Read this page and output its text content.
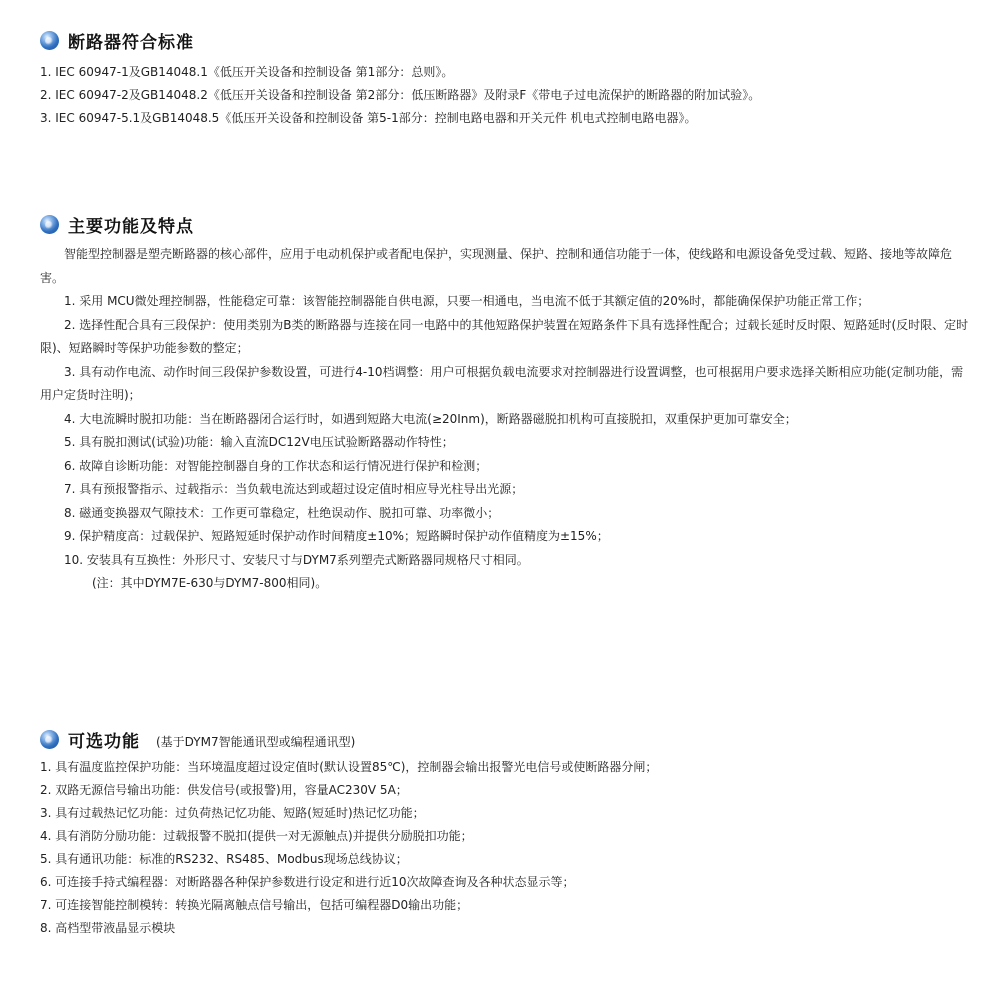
断路器符合标准
1. IEC 60947-1及GB14048.1《低压开关设备和控制设备 第1部分：总则》。
2. IEC 60947-2及GB14048.2《低压开关设备和控制设备 第2部分：低压断路器》及附录F《带电子过电流保护的断路器的附加试验》。
3. IEC 60947-5.1及GB14048.5《低压开关设备和控制设备 第5-1部分：控制电路电器和开关元件 机电式控制电路电器》。
主要功能及特点
智能型控制器是塑壳断路器的核心部件，应用于电动机保护或者配电保护，实现测量、保护、控制和通信功能于一体，使线路和电源设备免受过载、短路、接地等故障危害。
1. 采用 MCU微处理控制器，性能稳定可靠：该智能控制器能自供电源，只要一相通电，当电流不低于其额定值的20%时，都能确保保护功能正常工作；
2. 选择性配合具有三段保护：使用类别为B类的断路器与连接在同一电路中的其他短路保护装置在短路条件下具有选择性配合；过载长延时反时限、短路延时(反时限、定时限)、短路瞬时等保护功能参数的整定；
3. 具有动作电流、动作时间三段保护参数设置，可进行4-10档调整：用户可根据负载电流要求对控制器进行设置调整，也可根据用户要求选择关断相应功能(定制功能，需用户定货时注明)；
4. 大电流瞬时脱扣功能：当在断路器闭合运行时，如遇到短路大电流(≥20Inm)，断路器磁脱扣机构可直接脱扣，双重保护更加可靠安全；
5. 具有脱扣测试(试验)功能：输入直流DC12V电压试验断路器动作特性；
6. 故障自诊断功能：对智能控制器自身的工作状态和运行情况进行保护和检测；
7. 具有预报警指示、过载指示：当负载电流达到或超过设定值时相应导光柱导出光源；
8. 磁通变换器双气隙技术：工作更可靠稳定，杜绝误动作、脱扣可靠、功率微小；
9. 保护精度高：过载保护、短路短延时保护动作时间精度±10%；短路瞬时保护动作值精度为±15%；
10. 安装具有互换性：外形尺寸、安装尺寸与DYM7系列塑壳式断路器同规格尺寸相同。
(注：其中DYM7E-630与DYM7-800相同)。
可选功能 (基于DYM7智能通讯型或编程通讯型)
1. 具有温度监控保护功能：当环境温度超过设定值时(默认设置85℃)，控制器会输出报警光电信号或使断路器分闸；
2. 双路无源信号输出功能：供发信号(或报警)用，容量AC230V 5A；
3. 具有过载热记忆功能：过负荷热记忆功能、短路(短延时)热记忆功能；
4. 具有消防分励功能：过载报警不脱扣(提供一对无源触点)并提供分励脱扣功能；
5. 具有通讯功能：标准的RS232、RS485、Modbus现场总线协议；
6. 可连接手持式编程器：对断路器各种保护参数进行设定和进行近10次故障查询及各种状态显示等；
7. 可连接智能控制模转：转换光隔离触点信号输出，包括可编程器D0输出功能；
8. 高档型带液晶显示模块
